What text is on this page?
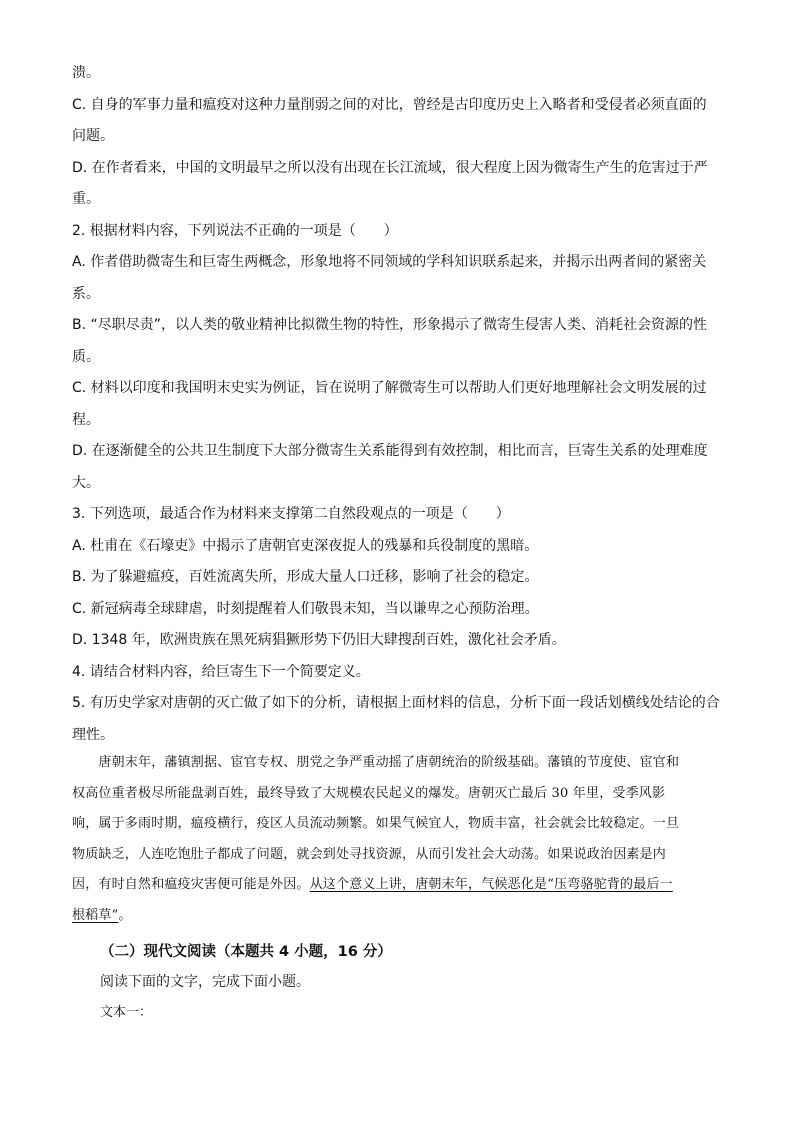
溃。
C. 自身的军事力量和瘟疫对这种力量削弱之间的对比，曾经是古印度历史上入略者和受侵者必须直面的
问题。
D. 在作者看来，中国的文明最早之所以没有出现在长江流域，很大程度上因为微寄生产生的危害过于严
重。
2. 根据材料内容，下列说法不正确的一项是（　　）
A. 作者借助微寄生和巨寄生两概念，形象地将不同领域的学科知识联系起来，并揭示出两者间的紧密关
系。
B. “尽职尽责”，以人类的敬业精神比拟微生物的特性，形象揭示了微寄生侵害人类、消耗社会资源的性
质。
C. 材料以印度和我国明末史实为例证，旨在说明了解微寄生可以帮助人们更好地理解社会文明发展的过
程。
D. 在逐渐健全的公共卫生制度下大部分微寄生关系能得到有效控制，相比而言，巨寄生关系的处理难度
大。
3. 下列选项，最适合作为材料来支撑第二自然段观点的一项是（　　）
A. 杜甫在《石壕吏》中揭示了唐朝官吏深夜捉人的残暴和兵役制度的黑暗。
B. 为了躲避瘟疫，百姓流离失所，形成大量人口迁移，影响了社会的稳定。
C. 新冠病毒全球肆虐，时刻提醒着人们敬畏未知，当以谦卑之心预防治理。
D. 1348 年，欧洲贵族在黑死病猖獗形势下仍旧大肆搜刮百姓，激化社会矛盾。
4. 请结合材料内容，给巨寄生下一个简要定义。
5. 有历史学家对唐朝的灭亡做了如下的分析，请根据上面材料的信息，分析下面一段话划横线处结论的合
理性。
　　唐朝末年，藩镇割据、宦官专权、朋党之争严重动摇了唐朝统治的阶级基础。藩镇的节度使、宦官和
权高位重者极尽所能盘剥百姓，最终导致了大规模农民起义的爆发。唐朝灭亡最后 30 年里，受季风影
响，属于多雨时期，瘟疫横行，疫区人员流动频繁。如果气候宜人，物质丰富，社会就会比较稳定。一旦
物质缺乏，人连吃饱肚子都成了问题，就会到处寻找资源，从而引发社会大动荡。如果说政治因素是内
因，有时自然和瘟疫灾害便可能是外因。从这个意义上讲，唐朝末年，气候恶化是“压弯骆驼背的最后一
根稻草”。
（二）现代文阅读（本题共 4 小题，16 分）
阅读下面的文字，完成下面小题。
文本一：
